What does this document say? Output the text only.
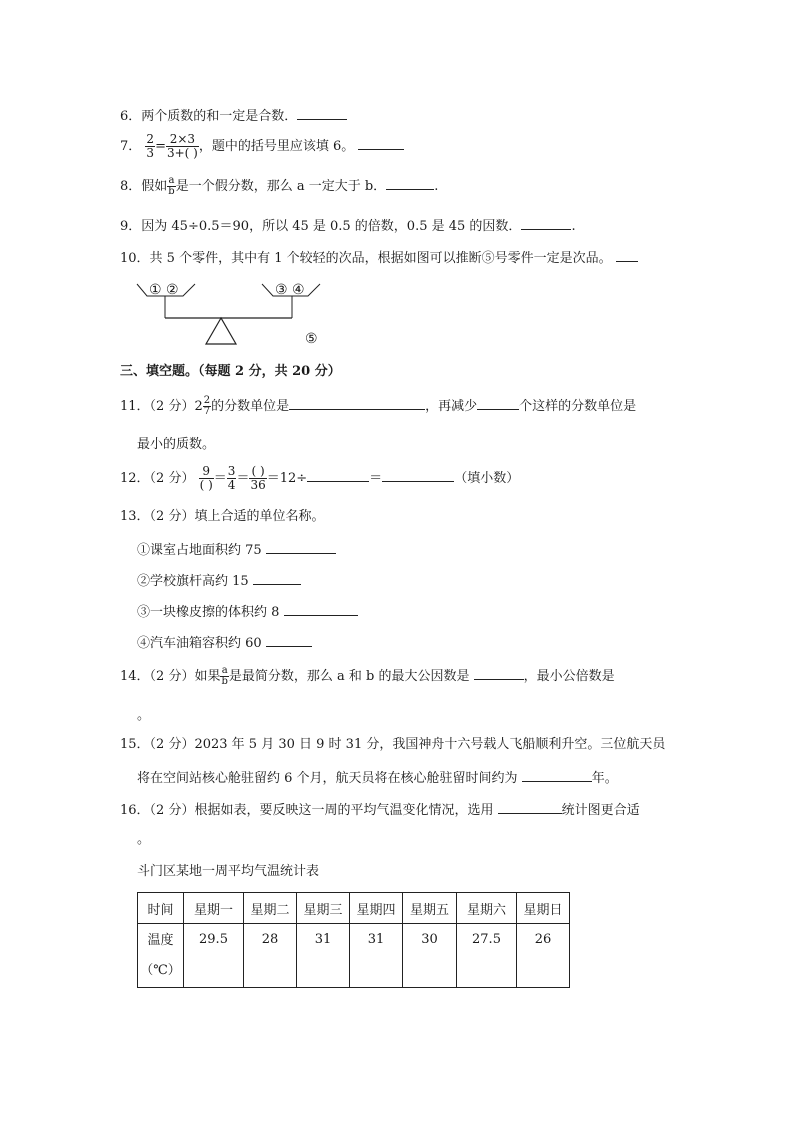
6．两个质数的和一定是合数．
7． $\frac{2}{3} = \frac{2\times 3}{3+( )}$ ，题中的括号里应该填 6。
8．假如 $\frac{a}{b}$ 是一个假分数，那么 a 一定大于 b．	.
9．因为 45÷0.5＝90，所以 45 是 0.5 的倍数，0.5 是 45 的因数．	.
10．共 5 个零件，其中有 1 个较轻的次品，根据如图可以推断⑤号零件一定是次品。
① ②	③ ④
⑤
三、填空题。（每题 2 分，共 20 分）
11．（2 分）$2 \frac{2}{7}$ 的分数单位是	，再减少	个这样的分数单位是
最小的质数。
12．（2 分） $\frac{9}{( )} = \frac{3}{4} = \frac{( )}{36} =12\div$	＝	（填小数）
13．（2 分）填上合适的单位名称。
①课室占地面积约 75
②学校旗杆高约 15
③一块橡皮擦的体积约 8
④汽车油箱容积约 60
14．（2 分）如果 $\frac{a}{b}$ 是最简分数，那么 a 和 b 的最大公因数是	，最小公倍数是
。
15．（2 分）2023 年 5 月 30 日 9 时 31 分，我国神舟十六号载人飞船顺利升空。三位航天员
将在空间站核心舱驻留约 6 个月，航天员将在核心舱驻留时间约为	年。
16．（2 分）根据如表，要反映这一周的平均气温变化情况，选用	统计图更合适
。
斗门区某地一周平均气温统计表
时间	星期一	星期二	星期三	星期四	星期五	星期六	星期日
温度
（℃）	29.5	28	31	31	30	27.5	26
